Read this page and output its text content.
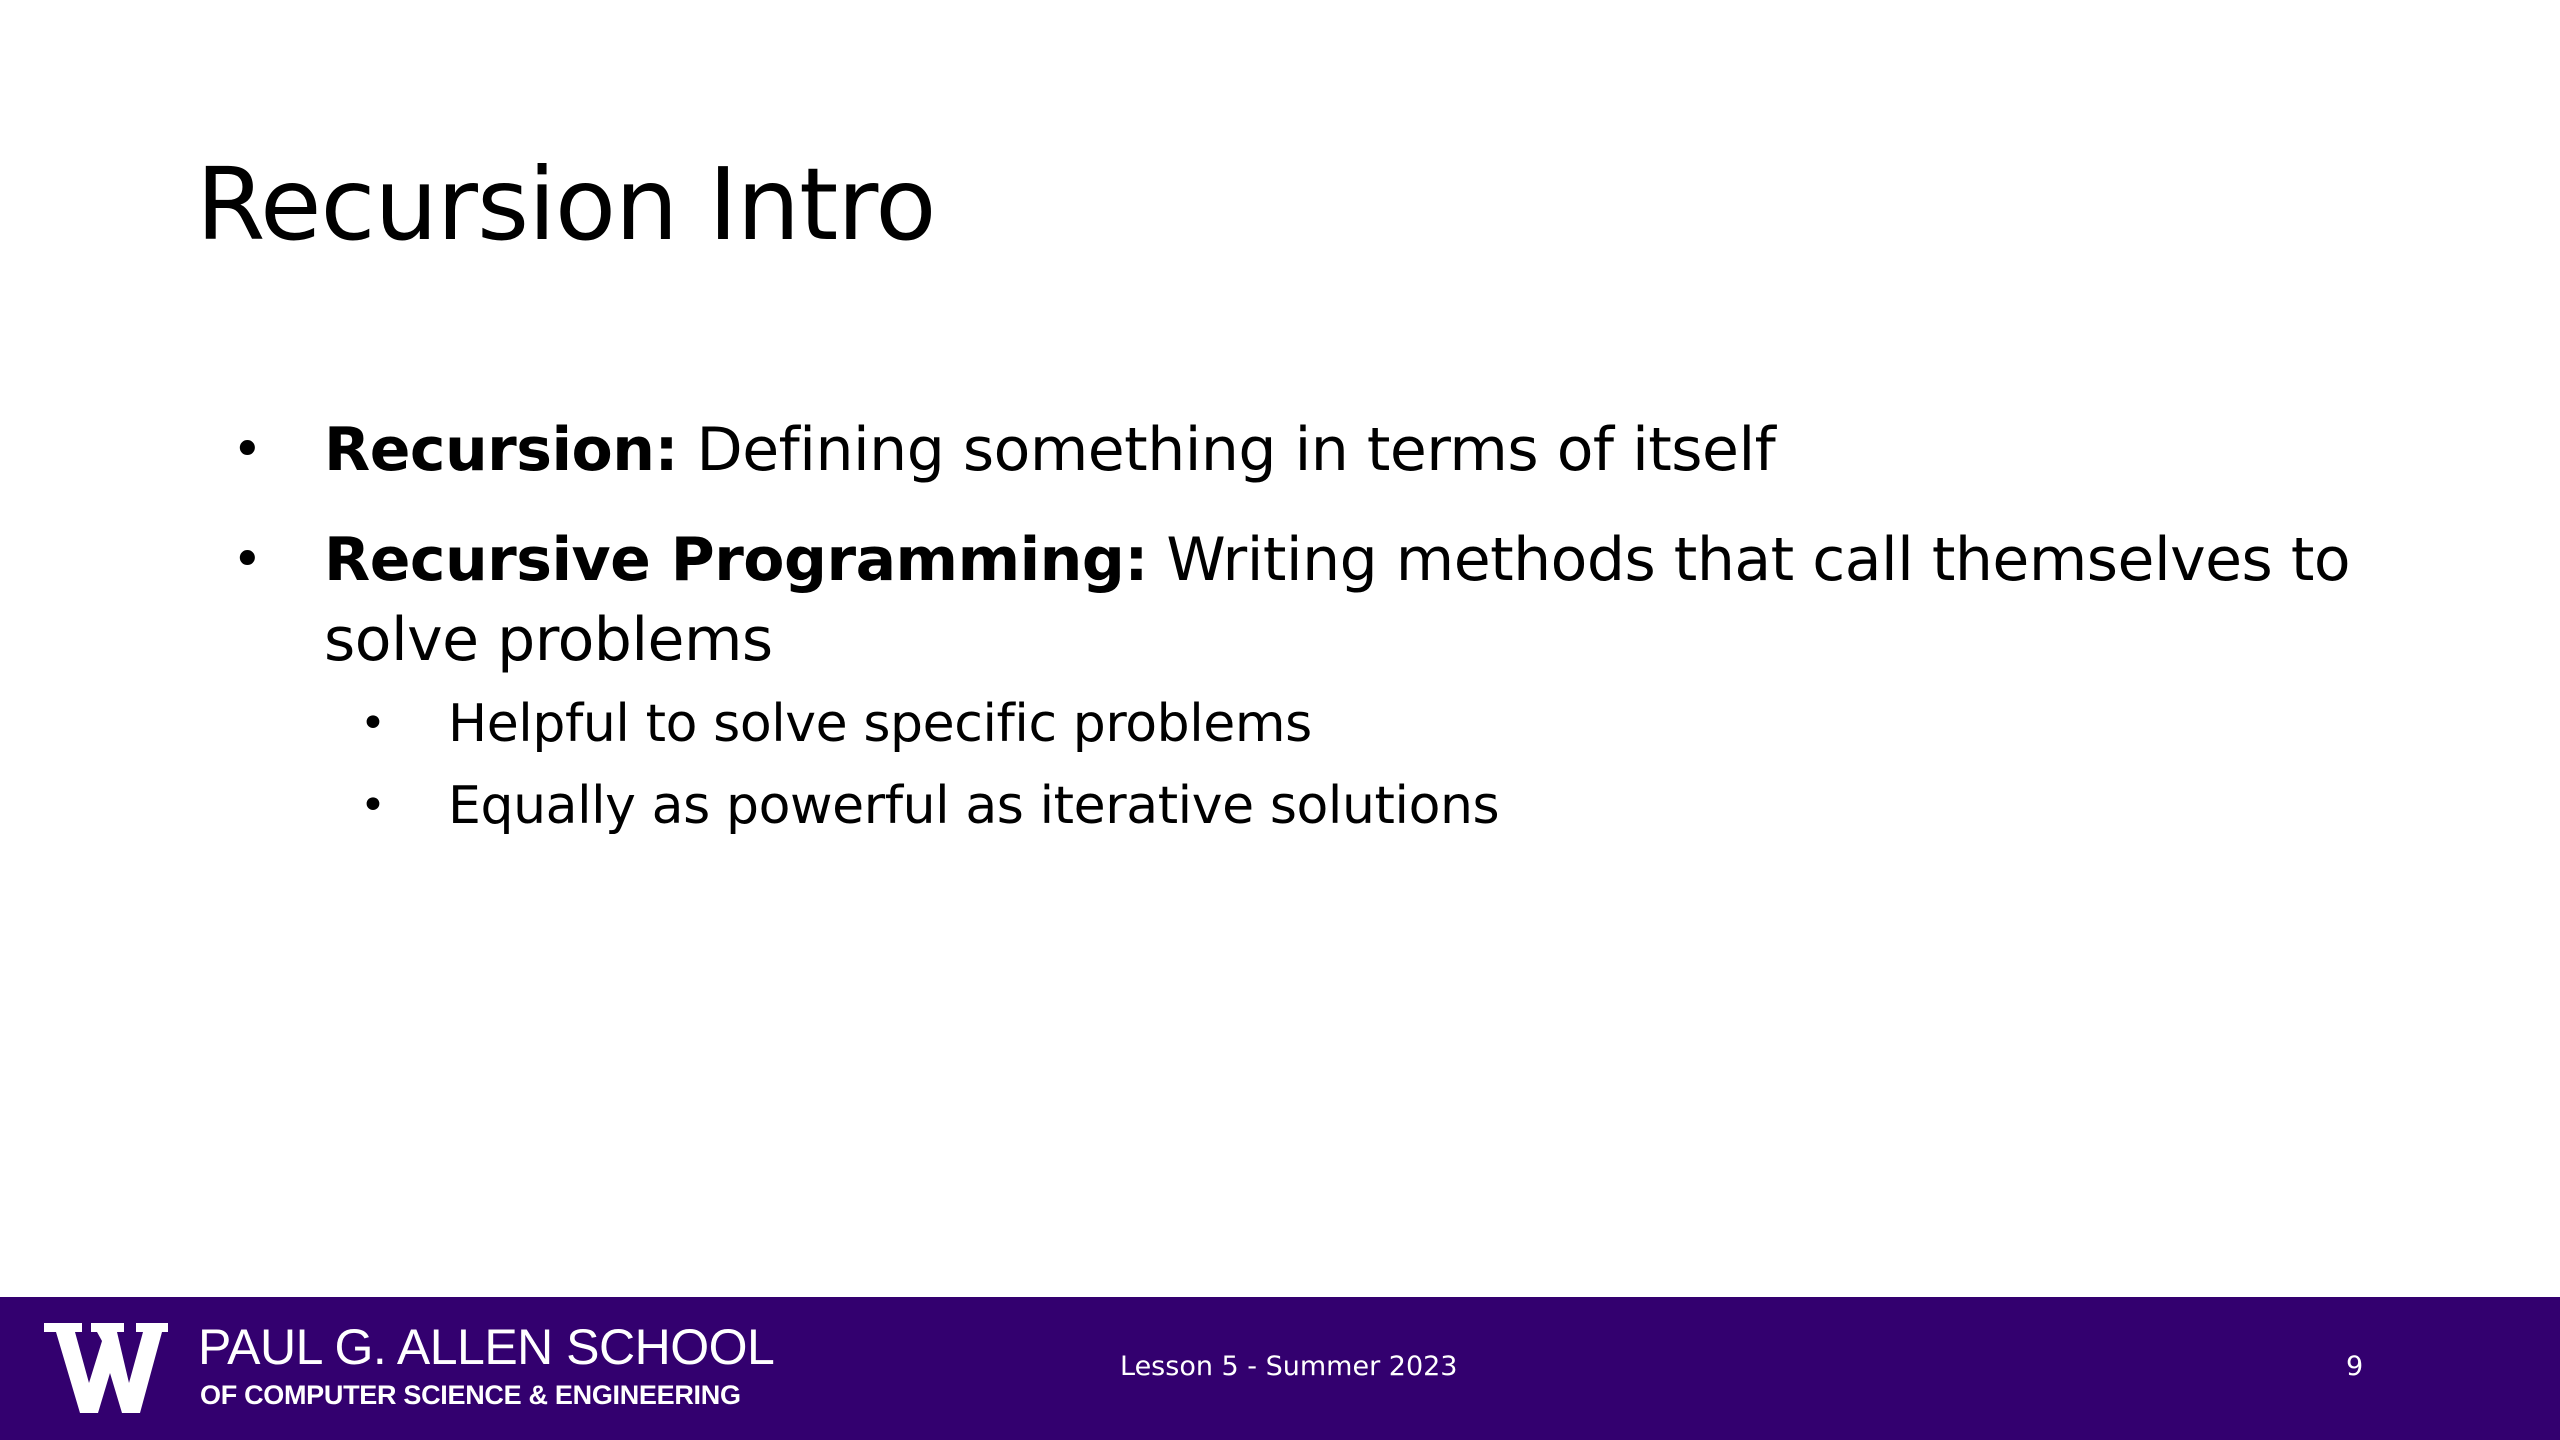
Recursion Intro
• Recursion: Defining something in terms of itself
• Recursive Programming: Writing methods that call themselves to solve problems
• Helpful to solve specific problems
• Equally as powerful as iterative solutions
PAUL G. ALLEN SCHOOL
OF COMPUTER SCIENCE & ENGINEERING
Lesson 5 - Summer 2023	9
